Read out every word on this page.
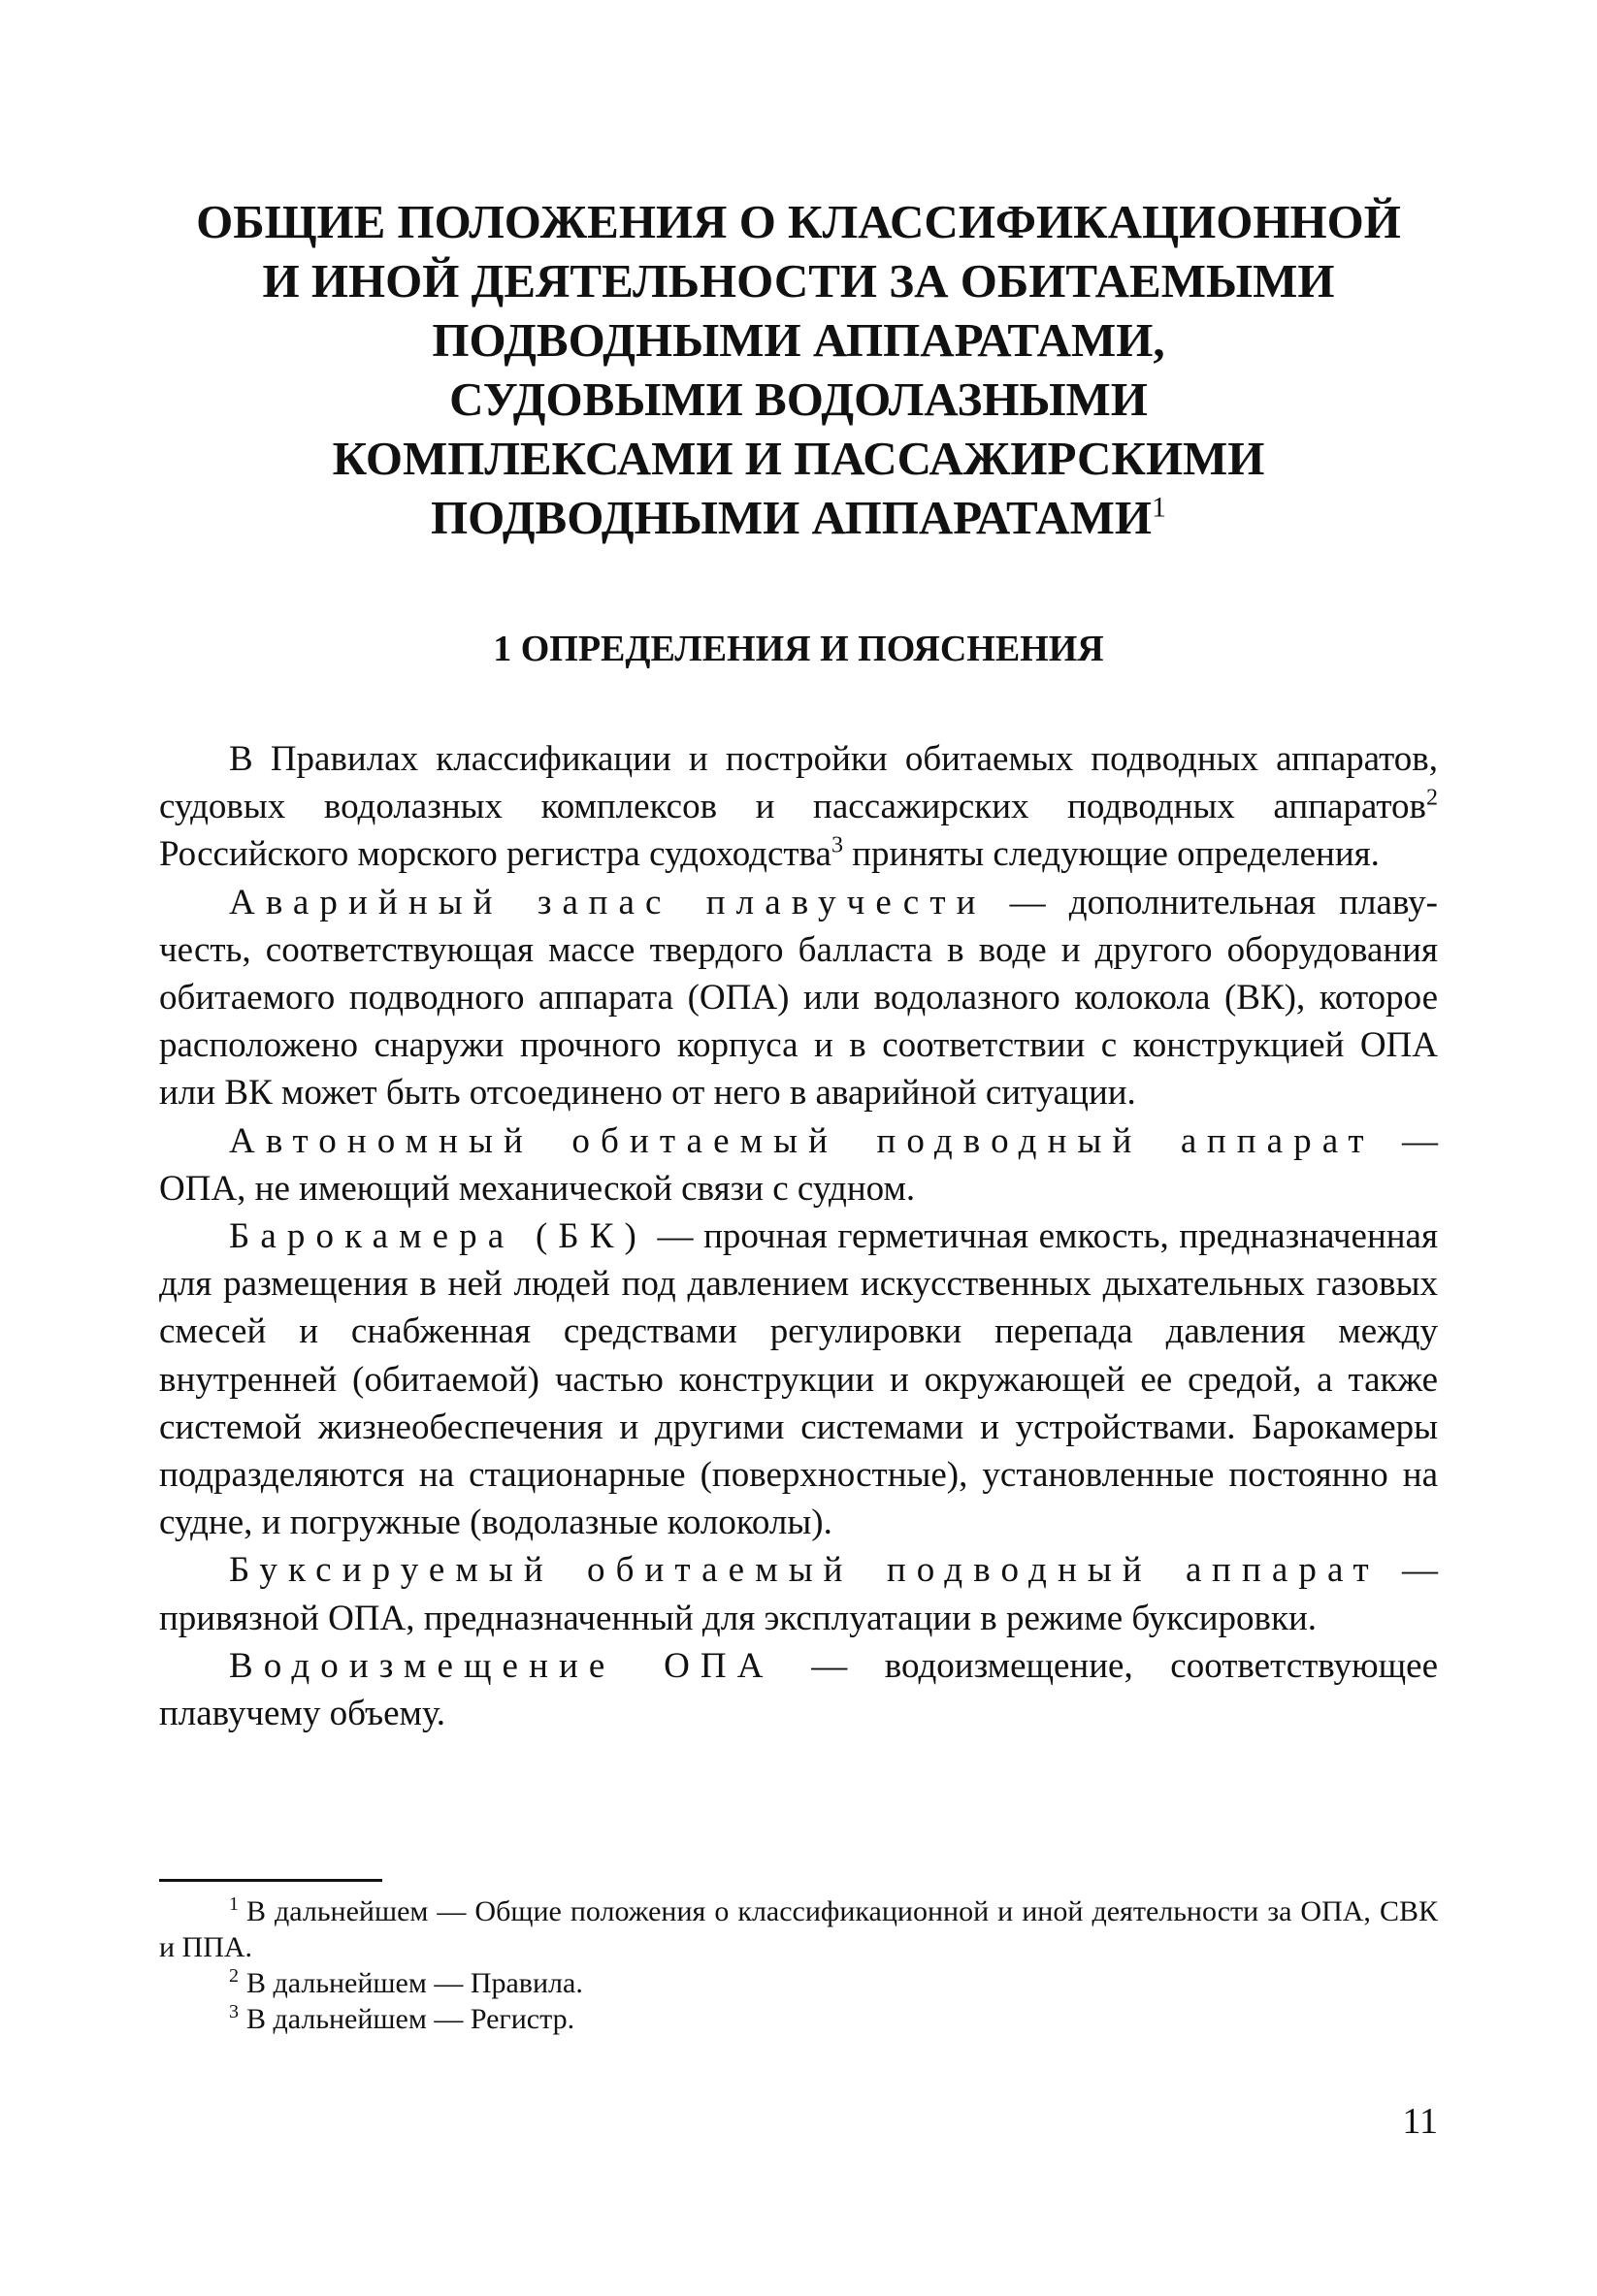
ОБЩИЕ ПОЛОЖЕНИЯ О КЛАССИФИКАЦИОННОЙ
И ИНОЙ ДЕЯТЕЛЬНОСТИ ЗА ОБИТАЕМЫМИ
ПОДВОДНЫМИ АППАРАТАМИ,
СУДОВЫМИ ВОДОЛАЗНЫМИ
КОМПЛЕКСАМИ И ПАССАЖИРСКИМИ
ПОДВОДНЫМИ АППАРАТАМИ$^1$
1 ОПРЕДЕЛЕНИЯ И ПОЯСНЕНИЯ

В Правилах классификации и постройки обитаемых подводных аппаратов, судовых водолазных комплексов и пассажирских подводных аппаратов$^2$ Российского морского регистра судоходства$^3$ приняты следующие определения.

Аварийный запас плавучести — дополнительная плавучесть, соответствующая массе твердого балласта в воде и другого оборудования обитаемого подводного аппарата (ОПА) или водолазного колокола (ВК), которое расположено снаружи прочного корпуса и в соответствии с конструкцией ОПА или ВК может быть отсоединено от него в аварийной ситуации.

Автономный обитаемый подводный аппарат — ОПА, не имеющий механической связи с судном.

Барокамера (БК) — прочная герметичная емкость, предназначенная для размещения в ней людей под давлением искусственных дыхательных газовых смесей и снабженная средствами регулировки перепада давления между внутренней (обитаемой) частью конструкции и окружающей ее средой, а также системой жизнеобеспечения и другими системами и устройствами. Барокамеры подразделяются на стационарные (поверхностные), установленные постоянно на судне, и погружные (водолазные колоколы).

Буксируемый обитаемый подводный аппарат — привязной ОПА, предназначенный для эксплуатации в режиме буксировки.

Водоизмещение ОПА — водоизмещение, соответствующее плавучему объему.

$^1$ В дальнейшем — Общие положения о классификационной и иной деятельности за ОПА, СВК и ППА.

$^2$ В дальнейшем — Правила.

$^3$ В дальнейшем — Регистр.

11
